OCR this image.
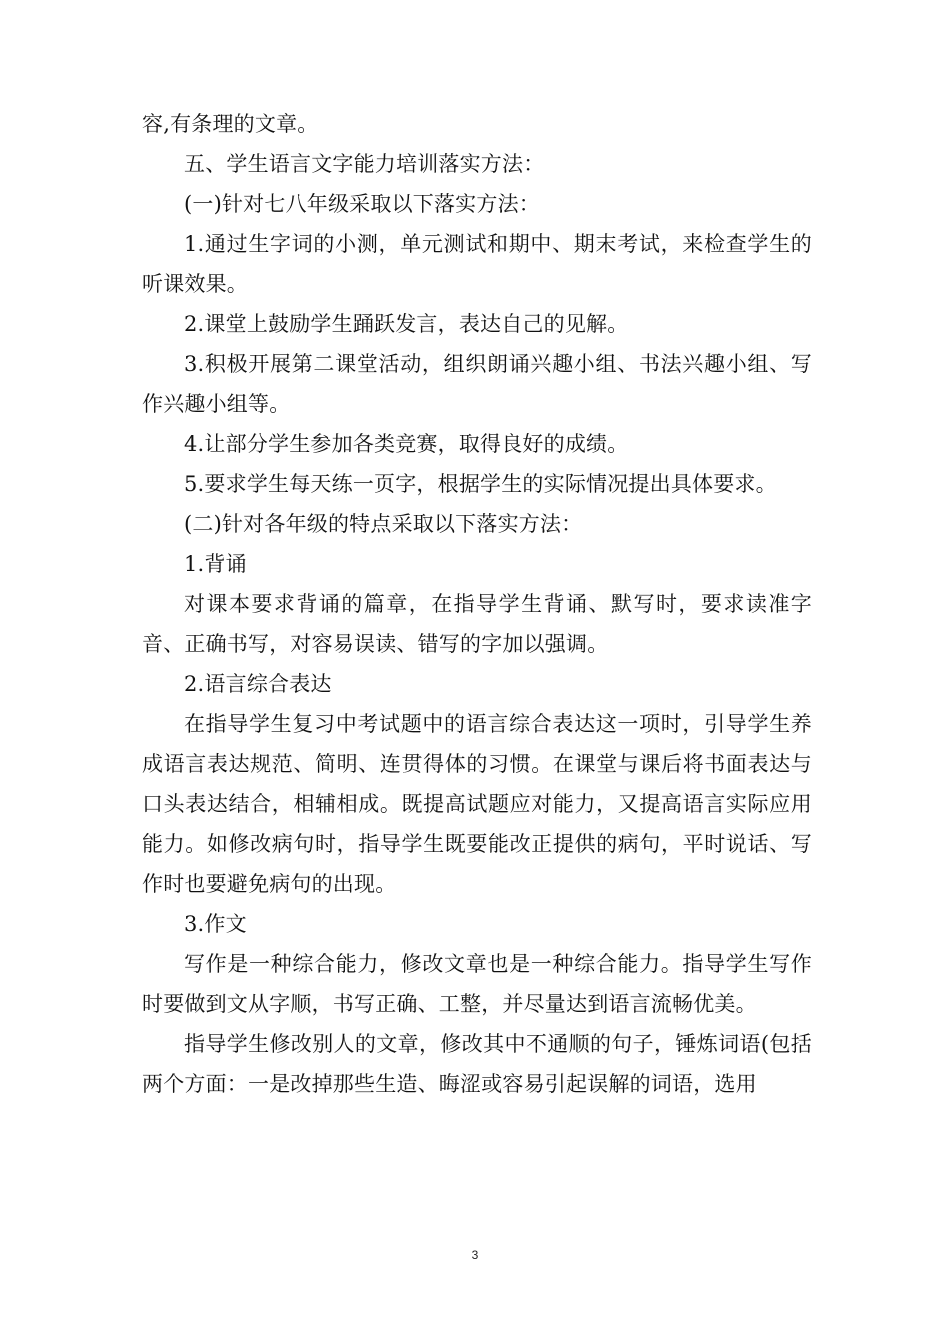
容,有条理的文章。

五、学生语言文字能力培训落实方法：

(一)针对七八年级采取以下落实方法：

1.通过生字词的小测，单元测试和期中、期末考试，来检查学生的听课效果。

2.课堂上鼓励学生踊跃发言，表达自己的见解。

3.积极开展第二课堂活动，组织朗诵兴趣小组、书法兴趣小组、写作兴趣小组等。

4.让部分学生参加各类竞赛，取得良好的成绩。

5.要求学生每天练一页字，根据学生的实际情况提出具体要求。

(二)针对各年级的特点采取以下落实方法：

1.背诵

对课本要求背诵的篇章，在指导学生背诵、默写时，要求读准字音、正确书写，对容易误读、错写的字加以强调。

2.语言综合表达

在指导学生复习中考试题中的语言综合表达这一项时，引导学生养成语言表达规范、简明、连贯得体的习惯。在课堂与课后将书面表达与口头表达结合，相辅相成。既提高试题应对能力，又提高语言实际应用能力。如修改病句时，指导学生既要能改正提供的病句，平时说话、写作时也要避免病句的出现。

3.作文

写作是一种综合能力，修改文章也是一种综合能力。指导学生写作时要做到文从字顺，书写正确、工整，并尽量达到语言流畅优美。

指导学生修改别人的文章，修改其中不通顺的句子，锤炼词语(包括两个方面：一是改掉那些生造、晦涩或容易引起误解的词语，选用

3
